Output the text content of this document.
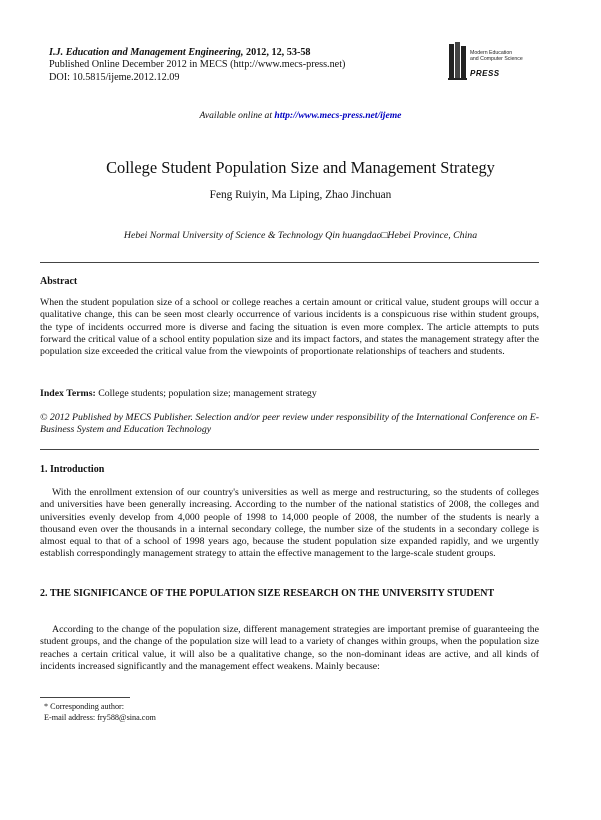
I.J. Education and Management Engineering, 2012, 12, 53-58
Published Online December 2012 in MECS (http://www.mecs-press.net)
DOI: 10.5815/ijeme.2012.12.09
Modern Education
and Computer Science
PRESS
Available online at http://www.mecs-press.net/ijeme
College Student Population Size and Management Strategy
Feng Ruiyin, Ma Liping, Zhao Jinchuan
Hebei Normal University of Science & Technology Qin huangdao□Hebei Province, China
Abstract
When the student population size of a school or college reaches a certain amount or critical value, student groups will occur a qualitative change, this can be seen most clearly occurrence of various incidents is a conspicuous rise within student groups, the type of incidents occurred more is diverse and facing the situation is even more complex. The article attempts to puts forward the critical value of a school entity population size and its impact factors, and states the management strategy after the population size exceeded the critical value from the viewpoints of proportionate relationships of teachers and students.
Index Terms: College students; population size; management strategy
© 2012 Published by MECS Publisher. Selection and/or peer review under responsibility of the International Conference on E-Business System and Education Technology
1. Introduction
With the enrollment extension of our country's universities as well as merge and restructuring, so the students of colleges and universities have been generally increasing. According to the number of the national statistics of 2008, the colleges and universities evenly develop from 4,000 people of 1998 to 14,000 people of 2008, the number of the students is nearly a thousand even over the thousands in a internal secondary college, the number size of the students in a secondary college is almost equal to that of a school of 1998 years ago, because the student population size expanded rapidly, and we urgently establish correspondingly management strategy to attain the effective management to the large-scale student groups.
2. THE SIGNIFICANCE OF THE POPULATION SIZE RESEARCH ON THE UNIVERSITY STUDENT
According to the change of the population size, different management strategies are important premise of guaranteeing the student groups, and the change of the population size will lead to a variety of changes within groups, when the population size reaches a certain critical value, it will also be a qualitative change, so the non-dominant ideas are active, and all kinds of incidents increased significantly and the management effect weakens. Mainly because:
* Corresponding author:
E-mail address: fry588@sina.com
